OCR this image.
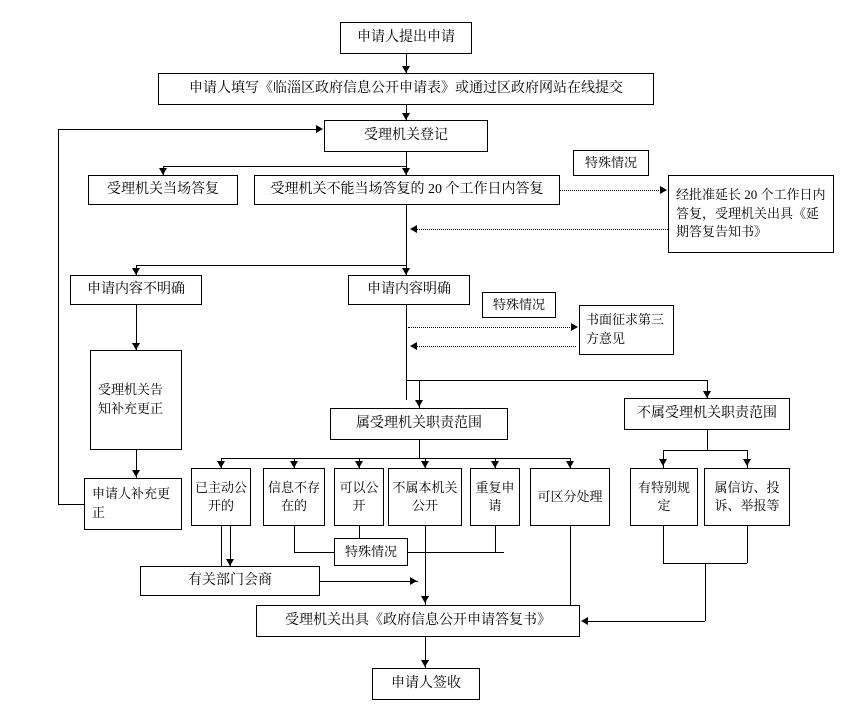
申请人提出申请
申请人填写《临淄区政府信息公开申请表》或通过区政府网站在线提交
受理机关登记
受理机关当场答复	受理机关不能当场答复的 20 个工作日内答复	经批准延长 20 个工作日内答复，受理机关出具《延期答复告知书》
特殊情况
申请内容不明确	申请内容明确
特殊情况
书面征求第三方意见
受理机关告知补充更正
申请人补充更正
属受理机关职责范围
不属受理机关职责范围
已主动公开的
信息不存在的
可以公开
不属本机关公开
重复申请
可区分处理
有特别规定
属信访、投诉、举报等
特殊情况
有关部门会商
受理机关出具《政府信息公开申请答复书》
申请人签收
